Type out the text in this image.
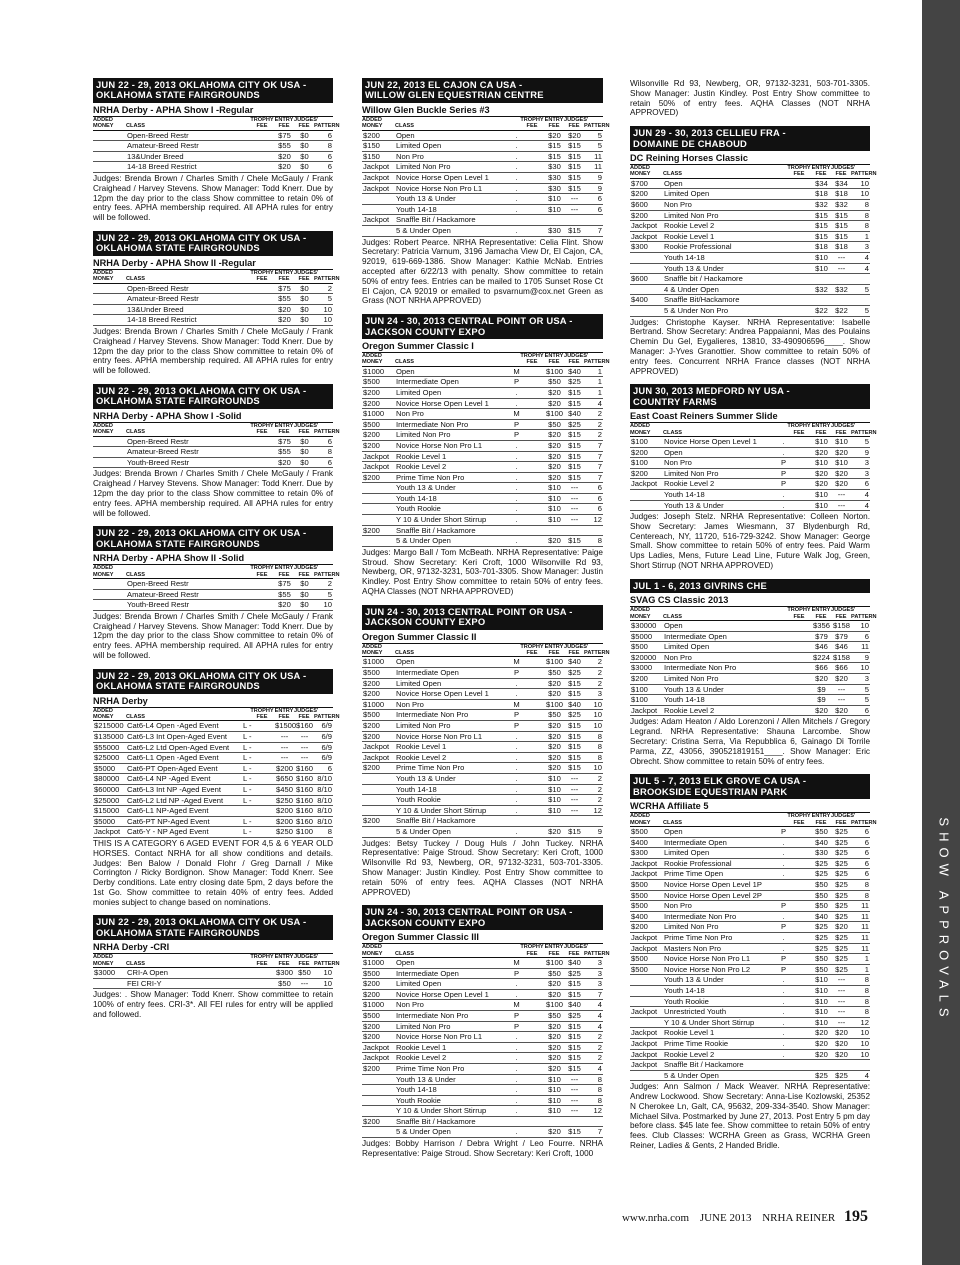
JUN 22 - 29, 2013 OKLAHOMA CITY OK USA -
OKLAHOMA STATE FAIRGROUNDS
NRHA Derby - APHA Show I -Regular
ADDED MONEY	CLASS		TROPHY FEE	ENTRY FEE	JUDGES' FEE	PATTERN
	Open-Breed Restr			$75	$0	6
	Amateur-Breed Restr			$55	$0	8
	13&Under Breed			$20	$0	6
	14-18 Breed Restrict			$20	$0	6
Judges: Brenda Brown / Charles Smith / Chele McGauly / Frank Craighead / Harvey Stevens. Show Manager: Todd Knerr. Due by 12pm the day prior to the class Show committee to retain 0% of entry fees. APHA membership required. All APHA rules for entry will be followed.
JUN 22 - 29, 2013 OKLAHOMA CITY OK USA -
OKLAHOMA STATE FAIRGROUNDS
NRHA Derby - APHA Show II -Regular
ADDED MONEY	CLASS		TROPHY FEE	ENTRY FEE	JUDGES' FEE	PATTERN
	Open-Breed Restr			$75	$0	2
	Amateur-Breed Restr			$55	$0	5
	13&Under Breed			$20	$0	10
	14-18 Breed Restrict			$20	$0	10
Judges: Brenda Brown / Charles Smith / Chele McGauly / Frank Craighead / Harvey Stevens. Show Manager: Todd Knerr. Due by 12pm the day prior to the class Show committee to retain 0% of entry fees. APHA membership required. All APHA rules for entry will be followed.
JUN 22 - 29, 2013 OKLAHOMA CITY OK USA -
OKLAHOMA STATE FAIRGROUNDS
NRHA Derby - APHA Show I -Solid
ADDED MONEY	CLASS		TROPHY FEE	ENTRY FEE	JUDGES' FEE	PATTERN
	Open-Breed Restr			$75	$0	6
	Amateur-Breed Restr			$55	$0	8
	Youth-Breed Restr			$20	$0	6
Judges: Brenda Brown / Charles Smith / Chele McGauly / Frank Craighead / Harvey Stevens. Show Manager: Todd Knerr. Due by 12pm the day prior to the class Show committee to retain 0% of entry fees. APHA membership required. All APHA rules for entry will be followed.
JUN 22 - 29, 2013 OKLAHOMA CITY OK USA -
OKLAHOMA STATE FAIRGROUNDS
NRHA Derby - APHA Show II -Solid
ADDED MONEY	CLASS		TROPHY FEE	ENTRY FEE	JUDGES' FEE	PATTERN
	Open-Breed Restr			$75	$0	2
	Amateur-Breed Restr			$55	$0	5
	Youth-Breed Restr			$20	$0	10
Judges: Brenda Brown / Charles Smith / Chele McGauly / Frank Craighead / Harvey Stevens. Show Manager: Todd Knerr. Due by 12pm the day prior to the class Show committee to retain 0% of entry fees. APHA membership required. All APHA rules for entry will be followed.
JUN 22 - 29, 2013 OKLAHOMA CITY OK USA -
OKLAHOMA STATE FAIRGROUNDS
NRHA Derby
ADDED MONEY	CLASS		TROPHY FEE	ENTRY FEE	JUDGES' FEE	PATTERN
$215000	Cat6-L4 Open -Aged Event	L -		$1500	$160	6/9
$135000	Cat6-L3 Int Open-Aged Event	L -		---	---	6/9
$55000	Cat6-L2 Ltd Open-Aged Event	L -		---	---	6/9
$25000	Cat6-L1 Open -Aged Event	L -		---	---	6/9
$5000	Cat6-PT Open-Aged Event	L -		$200	$160	6
$80000	Cat6-L4 NP -Aged Event	L -		$650	$160	8/10
$60000	Cat6-L3 Int NP -Aged Event	L -		$450	$160	8/10
$25000	Cat6-L2 Ltd NP -Aged Event	L -		$250	$160	8/10
$15000	Cat6-L1 NP-Aged Event			$200	$160	8/10
$5000	Cat6-PT NP-Aged Event	L -		$200	$160	8/10
Jackpot	Cat6-Y - NP Aged Event	L -		$250	$100	8
THIS IS A CATEGORY 6 AGED EVENT FOR 4,5 & 6 YEAR OLD HORSES. Contact NRHA for all show conditions and details. Judges: Ben Balow / Donald Flohr / Greg Darnall / Mike Corrington / Ricky Bordignon. Show Manager: Todd Knerr. See Derby conditions. Late entry closing date 5pm, 2 days before the 1st Go. Show committee to retain 40% of entry fees. Added monies subject to change based on nominations.
JUN 22 - 29, 2013 OKLAHOMA CITY OK USA -
OKLAHOMA STATE FAIRGROUNDS
NRHA Derby -CRI
ADDED MONEY	CLASS		TROPHY FEE	ENTRY FEE	JUDGES' FEE	PATTERN
$3000	CRI-A Open			$300	$50	10
	FEI CRI-Y			$50	---	10
Judges: . Show Manager: Todd Knerr. Show committee to retain 100% of entry fees. CRI-3*. All FEI rules for entry will be applied and followed.
JUN 22, 2013 EL CAJON CA USA -
WILLOW GLEN EQUESTRIAN CENTRE
Willow Glen Buckle Series #3
ADDED MONEY	CLASS		TROPHY FEE	ENTRY FEE	JUDGES' FEE	PATTERN
$200	Open	.		$20	$20	5
$150	Limited Open	.		$15	$15	5
$150	Non Pro	.		$15	$15	11
Jackpot	Limited Non Pro	.		$30	$15	11
Jackpot	Novice Horse Open Level 1	.		$30	$15	9
Jackpot	Novice Horse Non Pro L1	.		$30	$15	9
	Youth 13 & Under	.		$10	---	6
	Youth 14-18	.		$10	---	6
Jackpot	Snaffle Bit / Hackamore					
	5 & Under Open	.		$30	$15	7
Judges: Robert Pearce. NRHA Representative: Celia Flint. Show Secretary: Patricia Varnum, 3196 Jamacha View Dr, El Cajon, CA, 92019, 619-669-1386. Show Manager: Kathie McNab. Entries accepted after 6/22/13 with penalty. Show committee to retain 50% of entry fees. Entries can be mailed to 1705 Sunset Rose Ct El Cajon, CA 92019 or emailed to psvarnum@cox.net Green as Grass (NOT NRHA APPROVED)
JUN 24 - 30, 2013 CENTRAL POINT OR USA -
JACKSON COUNTY EXPO
Oregon Summer Classic I
ADDED MONEY	CLASS		TROPHY FEE	ENTRY FEE	JUDGES' FEE	PATTERN
$1000	Open	M		$100	$40	1
$500	Intermediate Open	P		$50	$25	1
$200	Limited Open	.		$20	$15	1
$200	Novice Horse Open Level 1	.		$20	$15	4
$1000	Non Pro	M		$100	$40	2
$500	Intermediate Non Pro	P		$50	$25	2
$200	Limited Non Pro	P		$20	$15	2
$200	Novice Horse Non Pro L1	.		$20	$15	7
Jackpot	Rookie Level 1	.		$20	$15	7
Jackpot	Rookie Level 2	.		$20	$15	7
$200	Prime Time Non Pro	.		$20	$15	7
	Youth 13 & Under	.		$10	---	6
	Youth 14-18	.		$10	---	6
	Youth Rookie	.		$10	---	6
	Y 10 & Under Short Stirrup	.		$10	---	12
$200	Snaffle Bit / Hackamore					
	5 & Under Open	.		$20	$15	8
Judges: Margo Ball / Tom McBeath. NRHA Representative: Paige Stroud. Show Secretary: Keri Croft, 1000 Wilsonville Rd 93, Newberg, OR, 97132-3231, 503-701-3305. Show Manager: Justin Kindley. Post Entry Show committee to retain 50% of entry fees. AQHA Classes (NOT NRHA APPROVED)
JUN 24 - 30, 2013 CENTRAL POINT OR USA -
JACKSON COUNTY EXPO
Oregon Summer Classic II
ADDED MONEY	CLASS		TROPHY FEE	ENTRY FEE	JUDGES' FEE	PATTERN
$1000	Open	M		$100	$40	2
$500	Intermediate Open	P		$50	$25	2
$200	Limited Open	.		$20	$15	2
$200	Novice Horse Open Level 1	.		$20	$15	3
$1000	Non Pro	M		$100	$40	10
$500	Intermediate Non Pro	P		$50	$25	10
$200	Limited Non Pro	P		$20	$15	10
$200	Novice Horse Non Pro L1	.		$20	$15	8
Jackpot	Rookie Level 1	.		$20	$15	8
Jackpot	Rookie Level 2	.		$20	$15	8
$200	Prime Time Non Pro	.		$20	$15	10
	Youth 13 & Under	.		$10	---	2
	Youth 14-18	.		$10	---	2
	Youth Rookie	.		$10	---	2
	Y 10 & Under Short Stirrup	.		$10	---	12
$200	Snaffle Bit / Hackamore					
	5 & Under Open	.		$20	$15	9
Judges: Betsy Tuckey / Doug Huls / John Tuckey. NRHA Representative: Paige Stroud. Show Secretary: Keri Croft, 1000 Wilsonville Rd 93, Newberg, OR, 97132-3231, 503-701-3305. Show Manager: Justin Kindley. Post Entry Show committee to retain 50% of entry fees. AQHA Classes (NOT NRHA APPROVED)
JUN 24 - 30, 2013 CENTRAL POINT OR USA -
JACKSON COUNTY EXPO
Oregon Summer Classic III
ADDED MONEY	CLASS		TROPHY FEE	ENTRY FEE	JUDGES' FEE	PATTERN
$1000	Open	M		$100	$40	3
$500	Intermediate Open	P		$50	$25	3
$200	Limited Open	.		$20	$15	3
$200	Novice Horse Open Level 1	.		$20	$15	7
$1000	Non Pro	M		$100	$40	4
$500	Intermediate Non Pro	P		$50	$25	4
$200	Limited Non Pro	P		$20	$15	4
$200	Novice Horse Non Pro L1	.		$20	$15	2
Jackpot	Rookie Level 1	.		$20	$15	2
Jackpot	Rookie Level 2	.		$20	$15	2
$200	Prime Time Non Pro	.		$20	$15	4
	Youth 13 & Under	.		$10	---	8
	Youth 14-18	.		$10	---	8
	Youth Rookie	.		$10	---	8
	Y 10 & Under Short Stirrup	.		$10	---	12
$200	Snaffle Bit / Hackamore					
	5 & Under Open	.		$20	$15	7
Judges: Bobby Harrison / Debra Wright / Leo Fourre. NRHA Representative: Paige Stroud. Show Secretary: Keri Croft, 1000
Wilsonville Rd 93, Newberg, OR, 97132-3231, 503-701-3305. Show Manager: Justin Kindley. Post Entry Show committee to retain 50% of entry fees. AQHA Classes (NOT NRHA APPROVED)
JUN 29 - 30, 2013 CELLIEU FRA -
DOMAINE DE CHABOUD
DC Reining Horses Classic
ADDED MONEY	CLASS		TROPHY FEE	ENTRY FEE	JUDGES' FEE	PATTERN
$700	Open			$34	$34	10
$200	Limited Open			$18	$18	10
$600	Non Pro			$32	$32	8
$200	Limited Non Pro			$15	$15	8
Jackpot	Rookie Level 2			$15	$15	8
Jackpot	Rookie Level 1			$15	$15	1
$300	Rookie Professional			$18	$18	3
	Youth 14-18			$10	---	4
	Youth 13 & Under			$10	---	4
$600	Snaffle bit / Hackamore					
	4 & Under Open			$32	$32	5
$400	Snaffle Bit/Hackamore					
	5 & Under Non Pro			$22	$22	5
Judges: Christophe Kayser. NRHA Representative: Isabelle Bertrand. Show Secretary: Andrea Pappaianni, Mas des Poulains Chemin Du Gel, Eygalieres, 13810, 33-490906596____. Show Manager: J-Yves Granottier. Show committee to retain 50% of entry fees. Concurrent NRHA France classes (NOT NRHA APPROVED)
JUN 30, 2013 MEDFORD NY USA -
COUNTRY FARMS
East Coast Reiners Summer Slide
ADDED MONEY	CLASS		TROPHY FEE	ENTRY FEE	JUDGES' FEE	PATTERN
$100	Novice Horse Open Level 1	.		$10	$10	5
$200	Open	.		$20	$20	9
$100	Non Pro	P		$10	$10	3
$200	Limited Non Pro	P		$20	$20	3
Jackpot	Rookie Level 2	P		$20	$20	6
	Youth 14-18	.		$10	---	4
	Youth 13 & Under	.		$10	---	4
Judges: Joseph Stelz. NRHA Representative: Colleen Norton. Show Secretary: James Wiesmann, 37 Blydenburgh Rd, Centereach, NY, 11720, 516-729-3242. Show Manager: George Small. Show committee to retain 50% of entry fees. Paid Warm Ups Ladies, Mens, Future Lead Line, Future Walk Jog, Green, Short Stirrup (NOT NRHA APPROVED)
JUL 1 - 6, 2013 GIVRINS CHE
SVAG CS Classic 2013
ADDED MONEY	CLASS		TROPHY FEE	ENTRY FEE	JUDGES' FEE	PATTERN
$30000	Open			$356	$158	10
$5000	Intermediate Open			$79	$79	6
$500	Limited Open			$46	$46	11
$20000	Non Pro			$224	$158	9
$3000	Intermediate Non Pro			$66	$66	10
$200	Limited Non Pro			$20	$20	3
$100	Youth 13 & Under			$9	---	5
$100	Youth 14-18			$9	---	5
Jackpot	Rookie Level 2			$20	$20	6
Judges: Adam Heaton / Aldo Lorenzoni / Allen Mitchels / Gregory Legrand. NRHA Representative: Shauna Larcombe. Show Secretary: Cristina Serra, Via Repubblica 6, Gainago Di Torrile Parma, ZZ, 43056, 390521819151____. Show Manager: Eric Obrecht. Show committee to retain 50% of entry fees.
JUL 5 - 7, 2013 ELK GROVE CA USA -
BROOKSIDE EQUESTRIAN PARK
WCRHA Affiliate 5
ADDED MONEY	CLASS		TROPHY FEE	ENTRY FEE	JUDGES' FEE	PATTERN
$500	Open	P		$50	$25	6
$400	Intermediate Open	.		$40	$25	6
$300	Limited Open	.		$30	$25	6
Jackpot	Rookie Professional	.		$25	$25	6
Jackpot	Prime Time Open	.		$25	$25	6
$500	Novice Horse Open Level 1P			$50	$25	8
$500	Novice Horse Open Level 2P			$50	$25	8
$500	Non Pro	P		$50	$25	11
$400	Intermediate Non Pro	.		$40	$25	11
$200	Limited Non Pro	P		$25	$20	11
Jackpot	Prime Time Non Pro	.		$25	$25	11
Jackpot	Masters Non Pro	.		$25	$25	11
$500	Novice Horse Non Pro L1	P		$50	$25	1
$500	Novice Horse Non Pro L2	P		$50	$25	1
	Youth 13 & Under	.		$10	---	8
	Youth 14-18	.		$10	---	8
	Youth Rookie	.		$10	---	8
Jackpot	Unrestricted Youth	.		$10	---	8
	Y 10 & Under Short Stirrup	.		$10	---	12
Jackpot	Rookie Level 1	.		$20	$20	10
Jackpot	Prime Time Rookie	.		$20	$20	10
Jackpot	Rookie Level 2	.		$20	$20	10
Jackpot	Snaffle Bit / Hackamore					
	5 & Under Open			$25	$25	4
Judges: Ann Salmon / Mack Weaver. NRHA Representative: Andrew Lockwood. Show Secretary: Anna-Lise Kozlowski, 25352 N Cherokee Ln, Galt, CA, 95632, 209-334-3540. Show Manager: Michael Silva. Postmarked by June 27, 2013. Post Entry 5 pm day before class. $45 late fee. Show committee to retain 50% of entry fees. Club Classes: WCRHA Green as Grass, WCRHA Green Reiner, Ladies & Gents, 2 Handed Bridle.
SHOW APPROVALS
www.nrha.com JUNE 2013 NRHA REINER 195
